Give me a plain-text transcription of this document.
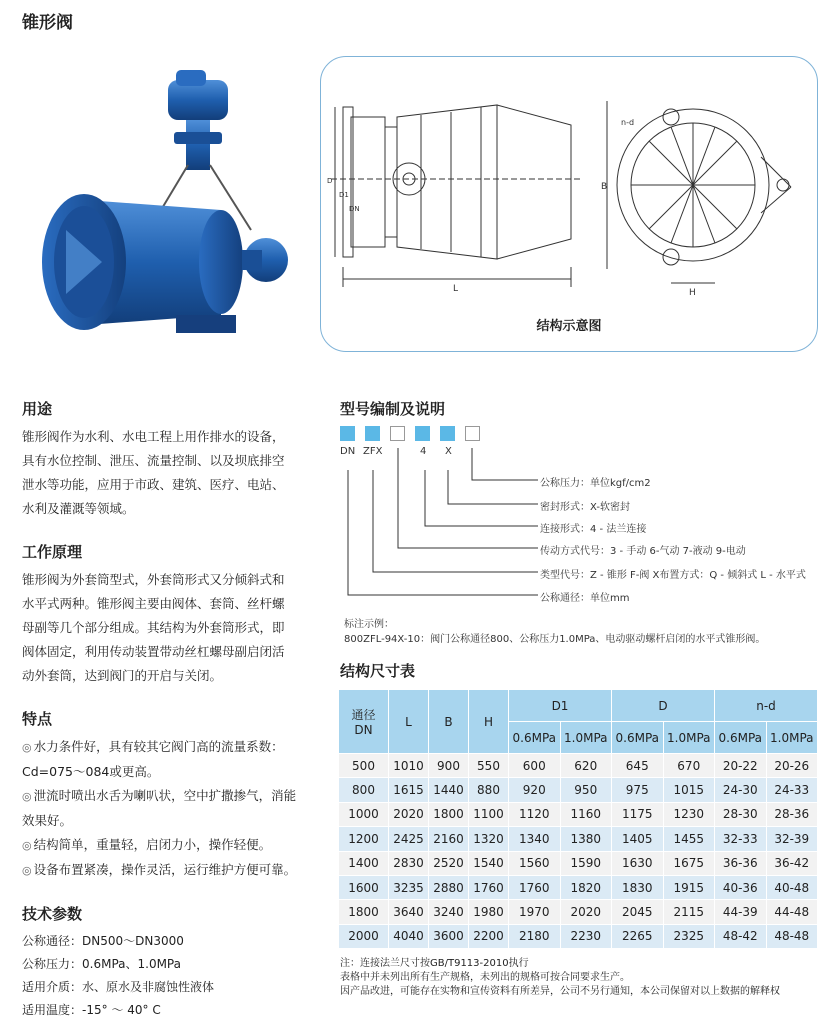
锥形阀
L
B
H
n-d
D
D1
DN
结构示意图
用途
锥形阀作为水利、水电工程上用作排水的设备，
具有水位控制、泄压、流量控制、以及坝底排空
泄水等功能，应用于市政、建筑、医疗、电站、
水利及灌溉等领域。
工作原理
锥形阀为外套筒型式，外套筒形式又分倾斜式和
水平式两种。锥形阀主要由阀体、套筒、丝杆螺
母副等几个部分组成。其结构为外套筒形式，即
阀体固定，利用传动装置带动丝杠螺母副启闭活
动外套筒，达到阀门的开启与关闭。
特点
◎ 水力条件好，具有较其它阀门高的流量系数：
Cd=075～084或更高。
◎ 泄流时喷出水舌为喇叭状，空中扩撒掺气，消能
效果好。
◎ 结构简单，重量轻，启闭力小，操作轻便。
◎ 设备布置紧凑，操作灵活，运行维护方便可靠。
技术参数
公称通径：DN500～DN3000
公称压力：0.6MPa、1.0MPa
适用介质：水、原水及非腐蚀性液体
适用温度：-15° ～ 40° C
型号编制及说明
DN ZFX	4 X
公称压力：单位kgf/cm2
密封形式：X-软密封
连接形式：4 - 法兰连接
传动方式代号：3 - 手动 6-气动 7-液动 9-电动
类型代号：Z - 锥形 F-阀 X布置方式：Q - 倾斜式 L - 水平式
公称通径：单位mm
标注示例：
800ZFL-94X-10：阀门公称通径800、公称压力1.0MPa、电动驱动螺杆启闭的水平式锥形阀。
结构尺寸表
通径
DN	L	B	H	D1		D		n-d	
				0.6MPa	1.0MPa	0.6MPa	1.0MPa	0.6MPa	1.0MPa
500	1010	900	550	600	620	645	670	20-22	20-26
800	1615	1440	880	920	950	975	1015	24-30	24-33
1000	2020	1800	1100	1120	1160	1175	1230	28-30	28-36
1200	2425	2160	1320	1340	1380	1405	1455	32-33	32-39
1400	2830	2520	1540	1560	1590	1630	1675	36-36	36-42
1600	3235	2880	1760	1760	1820	1830	1915	40-36	40-48
1800	3640	3240	1980	1970	2020	2045	2115	44-39	44-48
2000	4040	3600	2200	2180	2230	2265	2325	48-42	48-48
注：连接法兰尺寸按GB/T9113-2010执行
表格中并未列出所有生产规格，未列出的规格可按合同要求生产。
因产品改进，可能存在实物和宣传资料有所差异，公司不另行通知，本公司保留对以上数据的解释权
